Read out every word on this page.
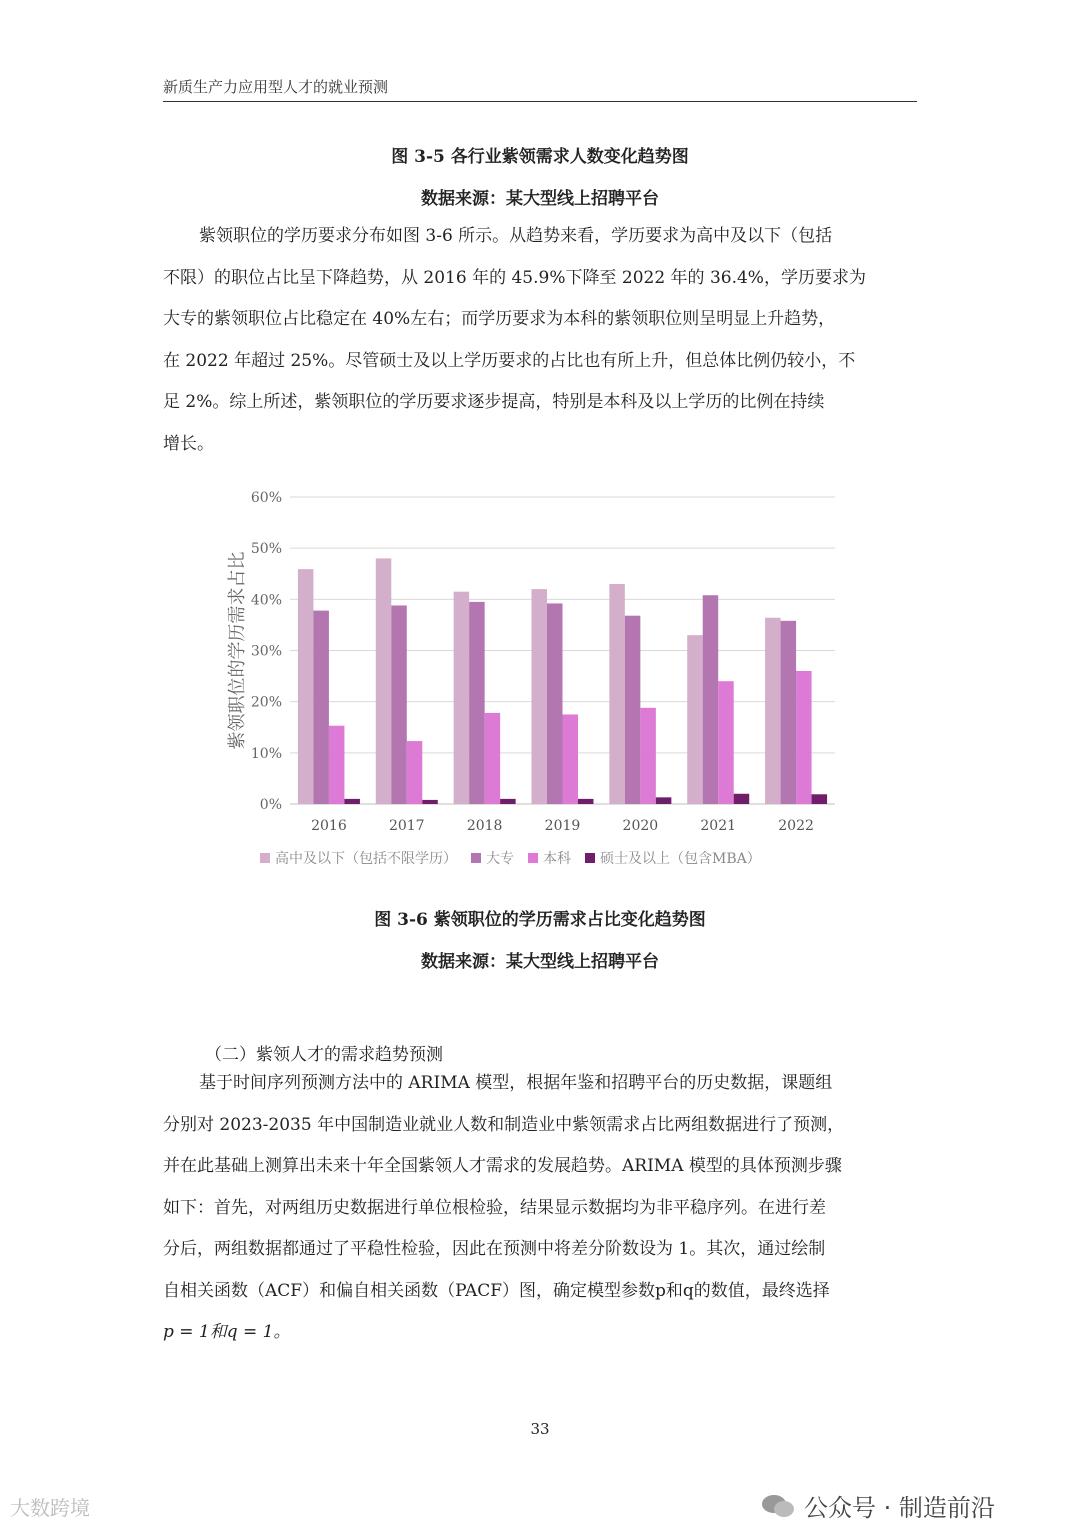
新质生产力应用型人才的就业预测
图 3-5 各行业紫领需求人数变化趋势图
数据来源：某大型线上招聘平台
紫领职位的学历要求分布如图 3-6 所示。从趋势来看，学历要求为高中及以下（包括
不限）的职位占比呈下降趋势，从 2016 年的 45.9%下降至 2022 年的 36.4%，学历要求为
大专的紫领职位占比稳定在 40%左右；而学历要求为本科的紫领职位则呈明显上升趋势，
在 2022 年超过 25%。尽管硕士及以上学历要求的占比也有所上升，但总体比例仍较小，不
足 2%。综上所述，紫领职位的学历要求逐步提高，特别是本科及以上学历的比例在持续
增长。
0%
10%
20%
30%
40%
50%
60%
紫领职位的学历需求占比
2016	2017	2018	2019	2020	2021	2022
高中及以下（包括不限学历） 大专 本科 硕士及以上（包含MBA）
图 3-6 紫领职位的学历需求占比变化趋势图
数据来源：某大型线上招聘平台
（二）紫领人才的需求趋势预测
基于时间序列预测方法中的 ARIMA 模型，根据年鉴和招聘平台的历史数据，课题组
分别对 2023-2035 年中国制造业就业人数和制造业中紫领需求占比两组数据进行了预测，
并在此基础上测算出未来十年全国紫领人才需求的发展趋势。ARIMA 模型的具体预测步骤
如下：首先，对两组历史数据进行单位根检验，结果显示数据均为非平稳序列。在进行差
分后，两组数据都通过了平稳性检验，因此在预测中将差分阶数设为 1。其次，通过绘制
自相关函数（ACF）和偏自相关函数（PACF）图，确定模型参数p和q的数值，最终选择
p = 1和q = 1。
33
大数跨境	公众号 · 制造前沿
